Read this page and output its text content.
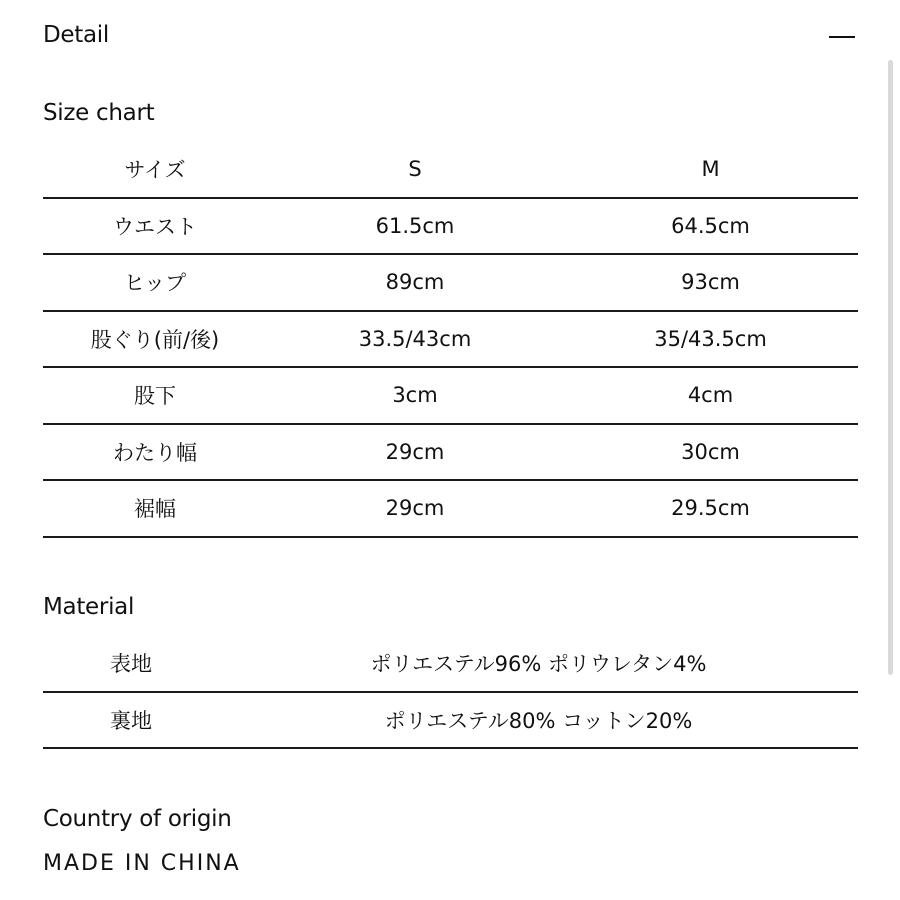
Detail
Size chart
サイズ	S	M
ウエスト	61.5cm	64.5cm
ヒップ	89cm	93cm
股ぐり(前/後)	33.5/43cm	35/43.5cm
股下	3cm	4cm
わたり幅	29cm	30cm
裾幅	29cm	29.5cm
Material
表地	ポリエステル96% ポリウレタン4%
裏地	ポリエステル80% コットン20%
Country of origin
MADE IN CHINA
